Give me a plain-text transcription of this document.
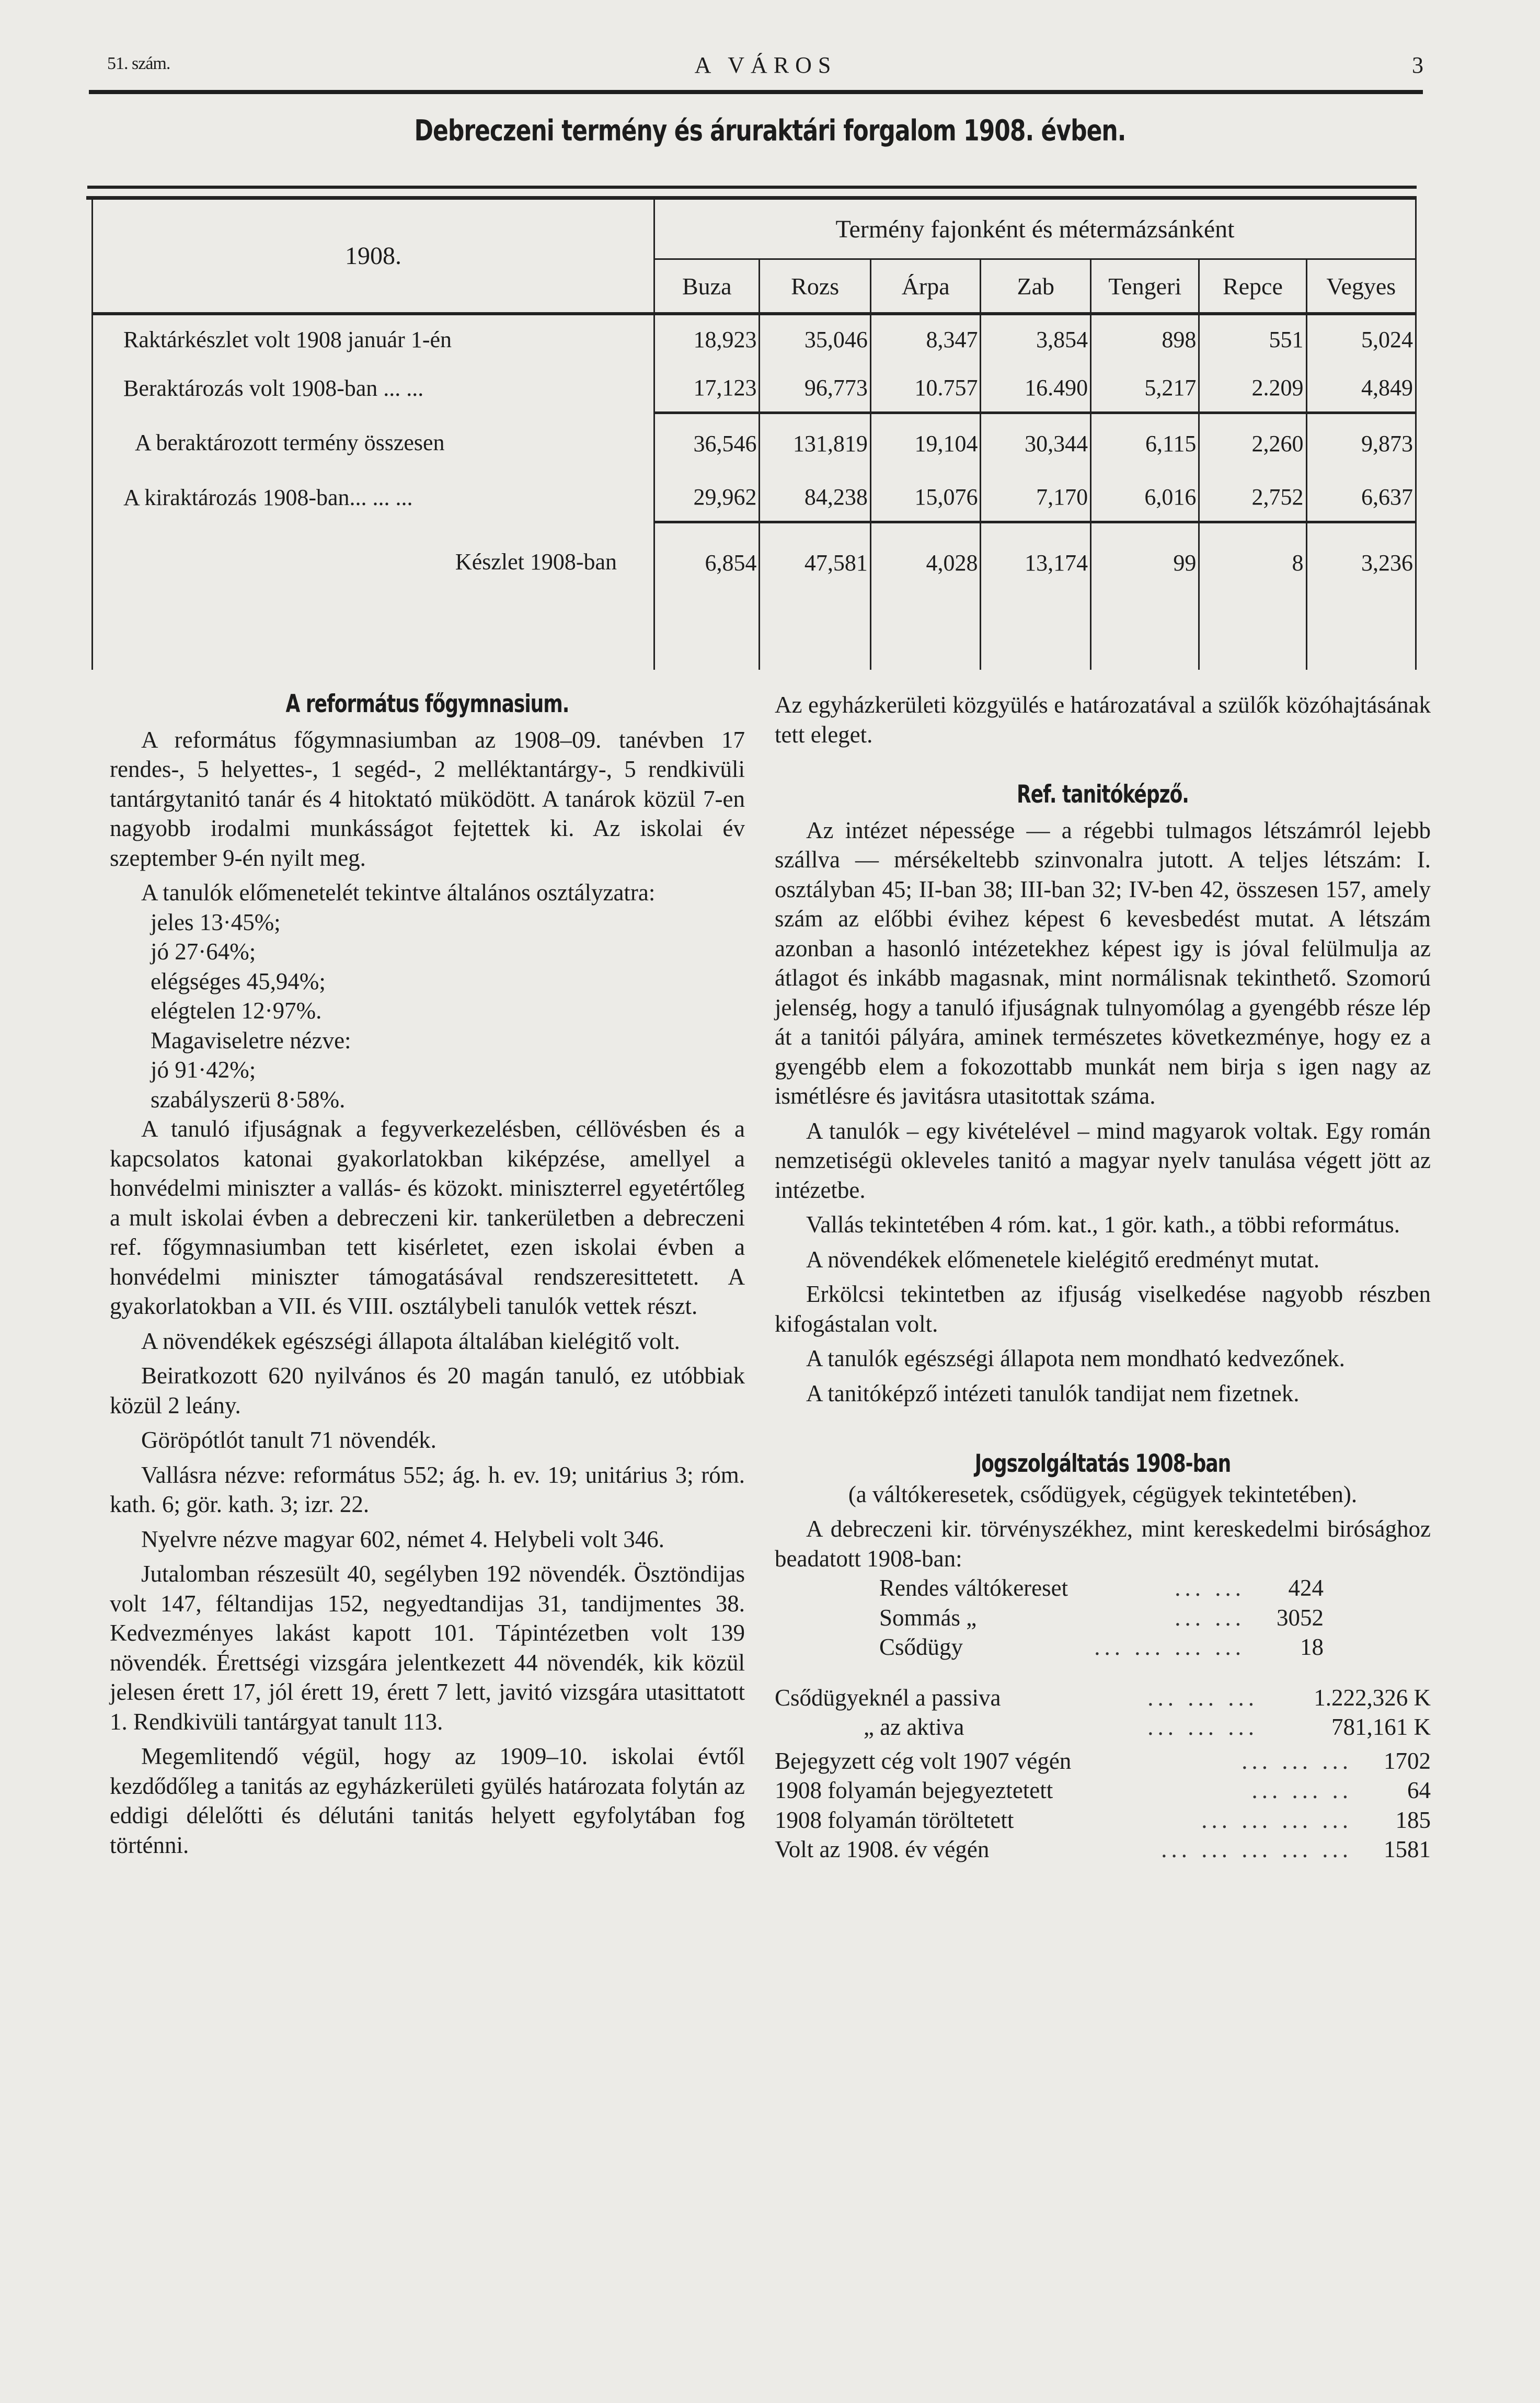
51. szám.	A VÁROS	3
Debreczeni termény és áruraktári forgalom 1908. évben.
1908.	Termény fajonként és métermázsánként						
	Buza	Rozs	Árpa	Zab	Tengeri	Repce	Vegyes
Raktárkészlet volt 1908 január 1-én	18,923	35,046	8,347	3,854	898	551	5,024
Beraktározás volt 1908-ban ... ...	17,123	96,773	10.757	16.490	5,217	2.209	4,849
A beraktározott termény összesen	36,546	131,819	19,104	30,344	6,115	2,260	9,873
A kiraktározás 1908-ban... ... ...	29,962	84,238	15,076	7,170	6,016	2,752	6,637
Készlet 1908-ban	6,854	47,581	4,028	13,174	99	8	3,236

A református főgymnasium.

A református főgymnasiumban az 1908–09. tanévben 17 rendes-, 5 helyettes-, 1 segéd-, 2 melléktantárgy-, 5 rendkivüli tantárgytanitó tanár és 4 hitoktató müködött. A tanárok közül 7-en nagyobb irodalmi munkásságot fejtettek ki. Az iskolai év szeptember 9-én nyilt meg.

A tanulók előmenetelét tekintve általános osztályzatra:

jeles 13·45%;

jó 27·64%;

elégséges 45,94%;

elégtelen 12·97%.

Magaviseletre nézve:

jó 91·42%;

szabályszerü 8·58%.

A tanuló ifjuságnak a fegyverkezelésben, céllövésben és a kapcsolatos katonai gyakorlatokban kiképzése, amellyel a honvédelmi miniszter a vallás- és közokt. miniszterrel egyetértőleg a mult iskolai évben a debreczeni kir. tankerületben a debreczeni ref. főgymnasiumban tett kisérletet, ezen iskolai évben a honvédelmi miniszter támogatásával rendszeresittetett. A gyakorlatokban a VII. és VIII. osztálybeli tanulók vettek részt.

A növendékek egészségi állapota általában kielégitő volt.

Beiratkozott 620 nyilvános és 20 magán tanuló, ez utóbbiak közül 2 leány.

Göröpótlót tanult 71 növendék.

Vallásra nézve: református 552; ág. h. ev. 19; unitárius 3; róm. kath. 6; gör. kath. 3; izr. 22.

Nyelvre nézve magyar 602, német 4. Helybeli volt 346.

Jutalomban részesült 40, segélyben 192 növendék. Ösztöndijas volt 147, féltandijas 152, negyedtandijas 31, tandijmentes 38. Kedvezményes lakást kapott 101. Tápintézetben volt 139 növendék. Érettségi vizsgára jelentkezett 44 növendék, kik közül jelesen érett 17, jól érett 19, érett 7 lett, javitó vizsgára utasittatott 1. Rendkivüli tantárgyat tanult 113.

Megemlitendő végül, hogy az 1909–10. iskolai évtől kezdődőleg a tanitás az egyházkerületi gyülés határozata folytán az eddigi délelőtti és délutáni tanitás helyett egyfolytában fog történni.

Az egyházkerületi közgyülés e határozatával a szülők közóhajtásának tett eleget.

Ref. tanitóképző.

Az intézet népessége — a régebbi tulmagos létszámról lejebb szállva — mérsékeltebb szinvonalra jutott. A teljes létszám: I. osztályban 45; II-ban 38; III-ban 32; IV-ben 42, összesen 157, amely szám az előbbi évihez képest 6 kevesbedést mutat. A létszám azonban a hasonló intézetekhez képest igy is jóval felülmulja az átlagot és inkább magasnak, mint normálisnak tekinthető. Szomorú jelenség, hogy a tanuló ifjuságnak tulnyomólag a gyengébb része lép át a tanitói pályára, aminek természetes következménye, hogy ez a gyengébb elem a fokozottabb munkát nem birja s igen nagy az ismétlésre és javitásra utasitottak száma.

A tanulók – egy kivételével – mind magyarok voltak. Egy román nemzetiségü okleveles tanitó a magyar nyelv tanulása végett jött az intézetbe.

Vallás tekintetében 4 róm. kat., 1 gör. kath., a többi református.

A növendékek előmenetele kielégitő eredményt mutat.

Erkölcsi tekintetben az ifjuság viselkedése nagyobb részben kifogástalan volt.

A tanulók egészségi állapota nem mondható kedvezőnek.

A tanitóképző intézeti tanulók tandijat nem fizetnek.

Jogszolgáltatás 1908-ban

(a váltókeresetek, csődügyek, cégügyek tekintetében).

A debreczeni kir. törvényszékhez, mint kereskedelmi birósághoz beadatott 1908-ban:

Rendes váltókereset	... ...	424
Sommás „	... ...	3052
Csődügy	... ... ... ...	18
Csődügyeknél a passiva	... ... ...	1.222,326 K
„ az aktiva	... ... ...	781,161 K
Bejegyzett cég volt 1907 végén	... ... ...	1702
1908 folyamán bejegyeztetett	... ... ..	64
1908 folyamán töröltetett	... ... ... ...	185
Volt az 1908. év végén	... ... ... ... ...	1581
